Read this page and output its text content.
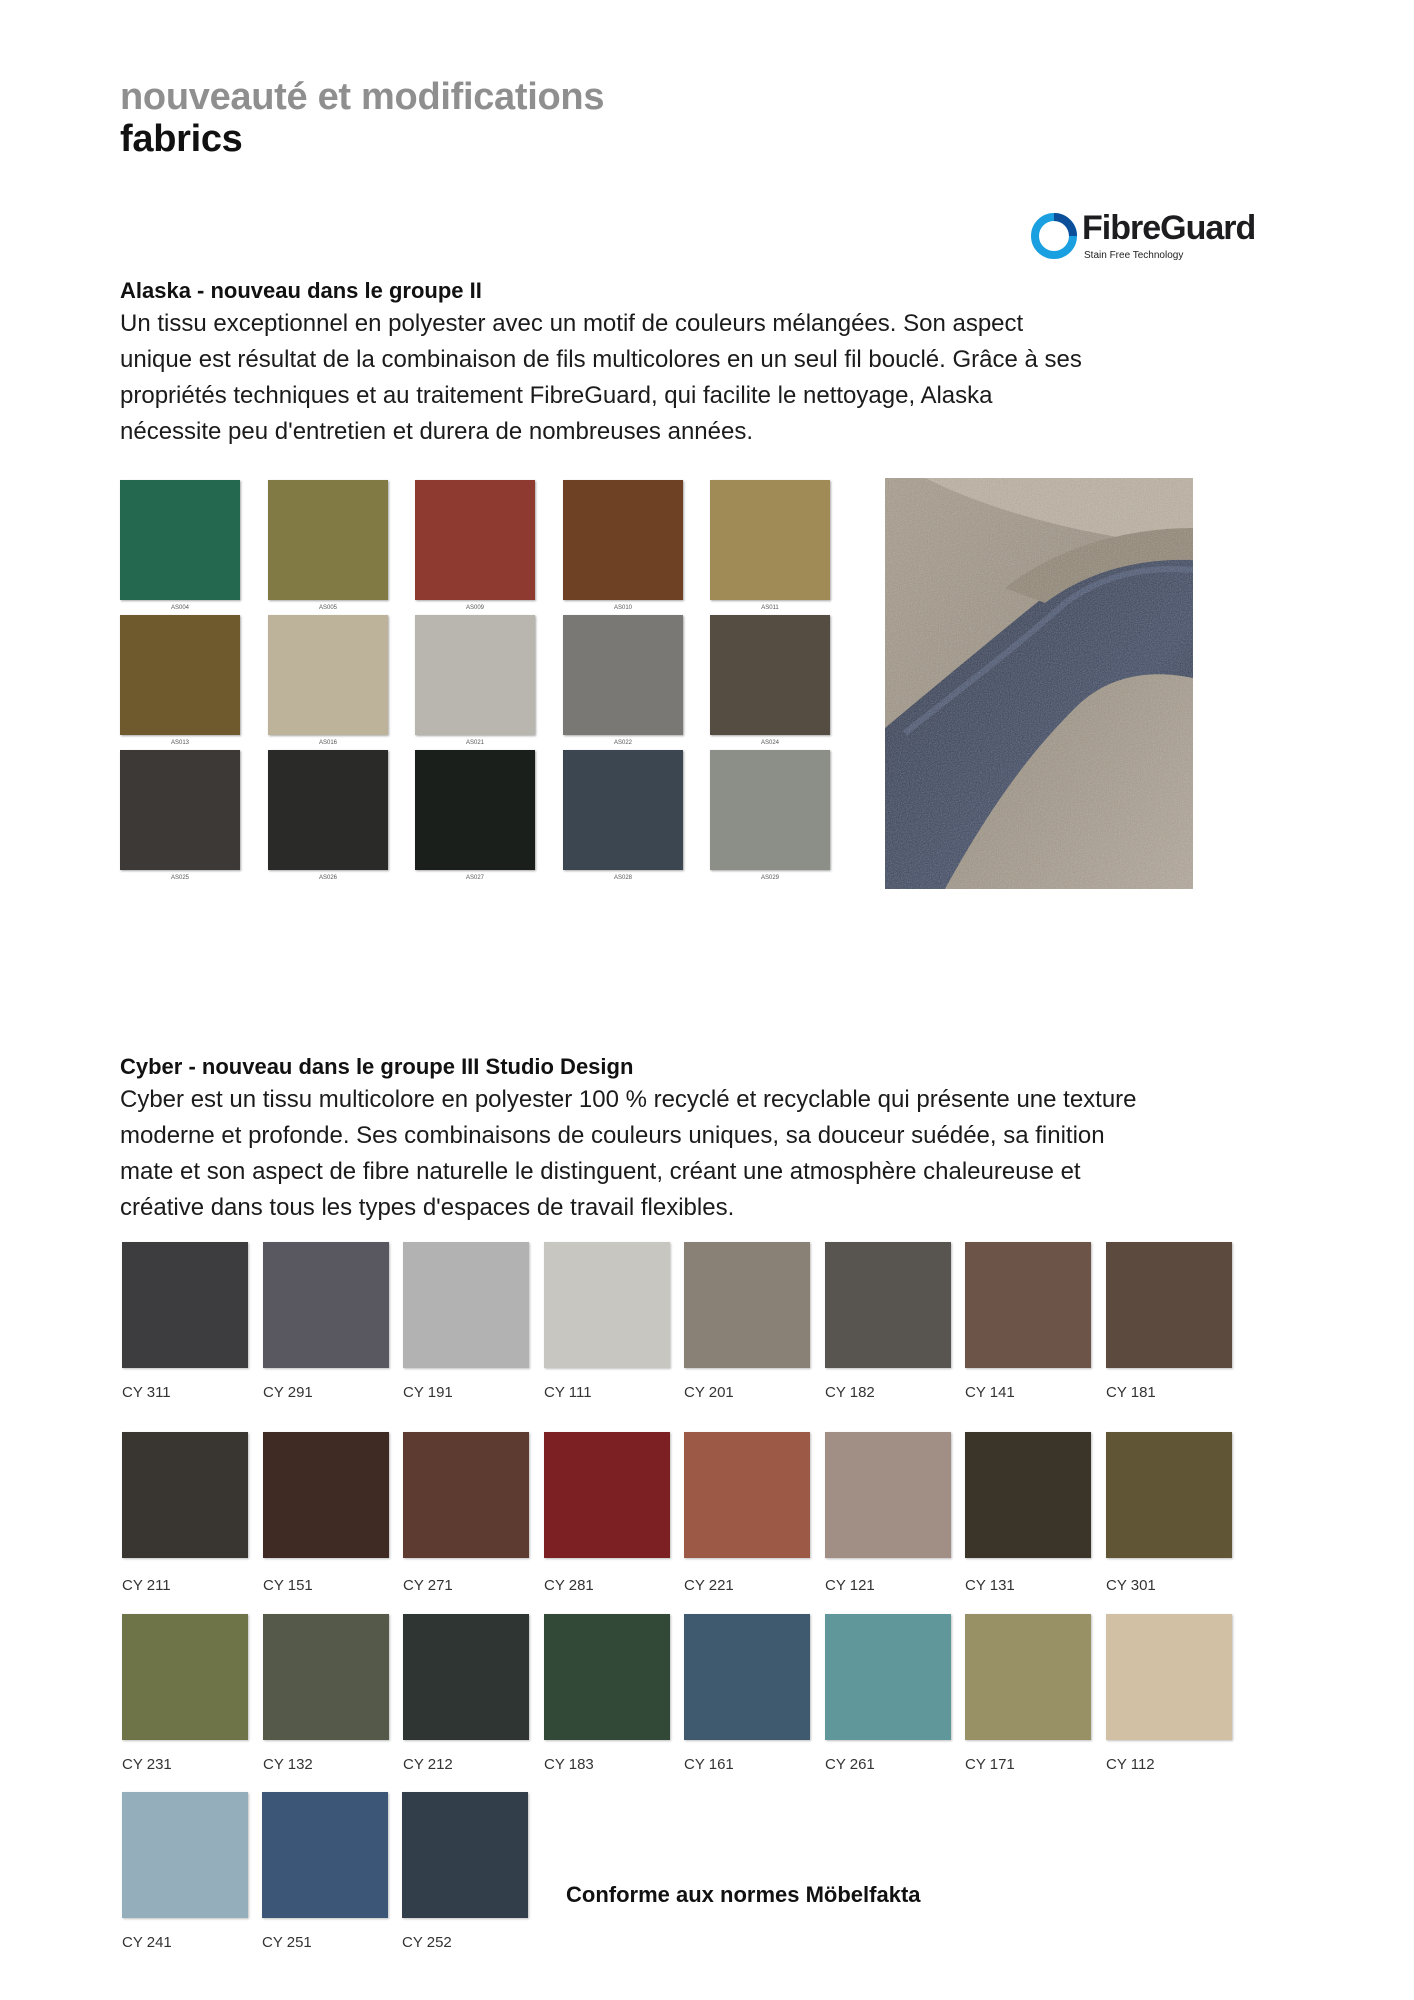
nouveauté et modifications
fabrics
FibreGuard
Stain Free Technology
Alaska - nouveau dans le groupe II
Un tissu exceptionnel en polyester avec un motif de couleurs mélangées. Son aspect
unique est résultat de la combinaison de fils multicolores en un seul fil bouclé. Grâce à ses
propriétés techniques et au traitement FibreGuard, qui facilite le nettoyage, Alaska
nécessite peu d'entretien et durera de nombreuses années.
AS004	AS005	AS009	AS010	AS011
AS013	AS016	AS021	AS022	AS024
AS025	AS026	AS027	AS028	AS029
Cyber - nouveau dans le groupe III Studio Design
Cyber est un tissu multicolore en polyester 100 % recyclé et recyclable qui présente une texture
moderne et profonde. Ses combinaisons de couleurs uniques, sa douceur suédée, sa finition
mate et son aspect de fibre naturelle le distinguent, créant une atmosphère chaleureuse et
créative dans tous les types d'espaces de travail flexibles.
CY 311	CY 291	CY 191	CY 111	CY 201	CY 182	CY 141	CY 181
CY 211	CY 151	CY 271	CY 281	CY 221	CY 121	CY 131	CY 301
CY 231	CY 132	CY 212	CY 183	CY 161	CY 261	CY 171	CY 112
CY 241	CY 251	CY 252
Conforme aux normes Möbelfakta
